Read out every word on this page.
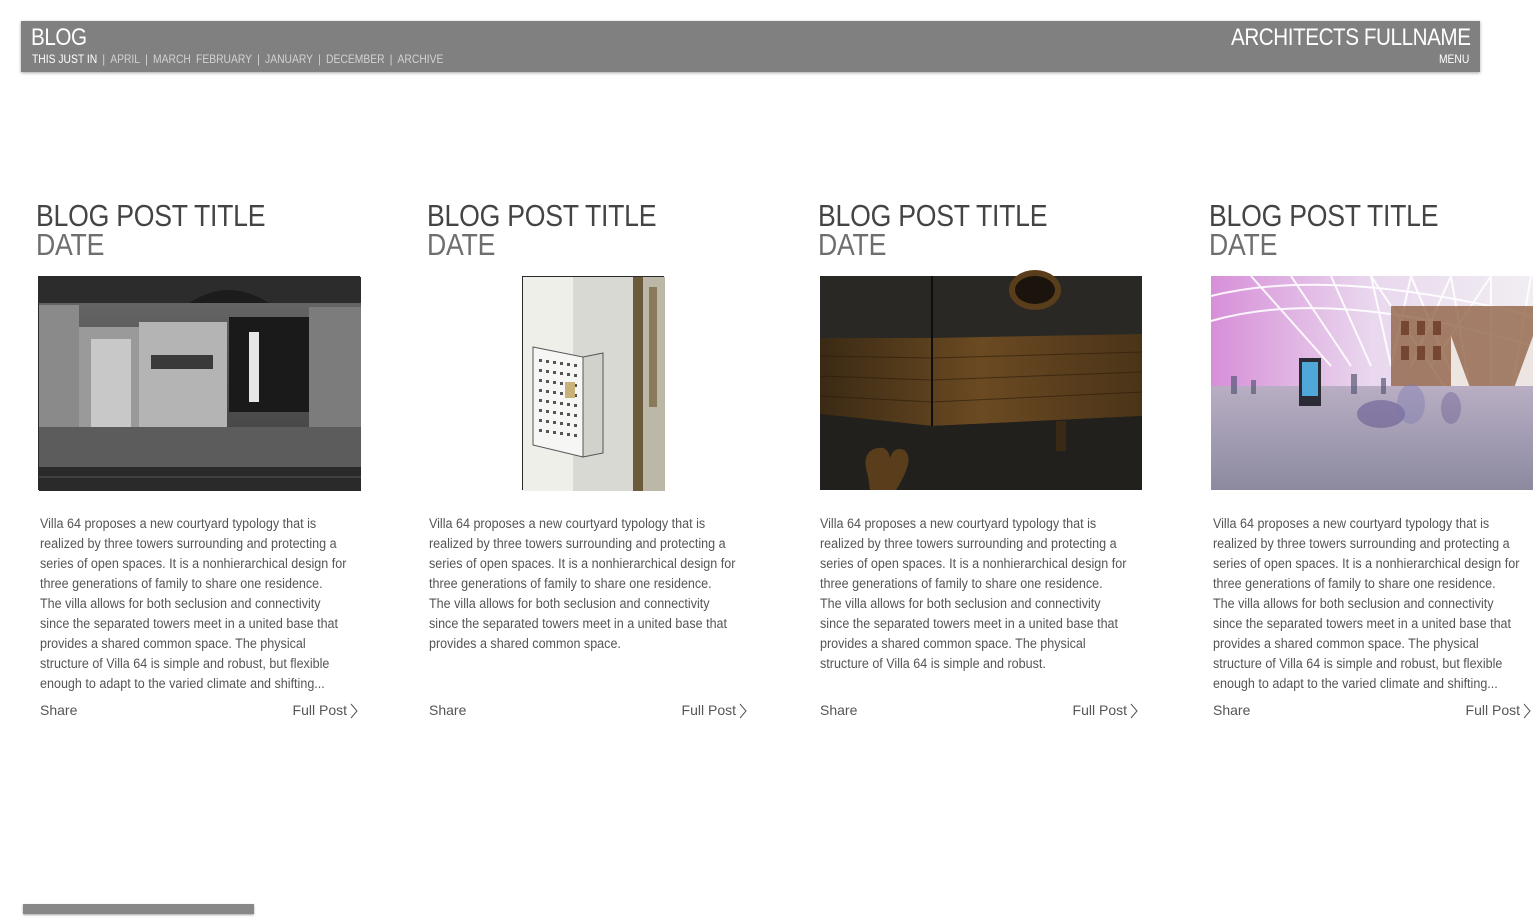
BLOG
THIS JUST IN | APRIL | MARCH FEBRUARY | JANUARY | DECEMBER | ARCHIVE
ARCHITECTS FULLNAME
MENU
BLOG POST TITLE
DATE
Villa 64 proposes a new courtyard typology that is realized by three towers surrounding and protecting a series of open spaces. It is a nonhierarchical design for three generations of family to share one residence. The villa allows for both seclusion and connectivity since the separated towers meet in a united base that provides a shared common space. The physical structure of Villa 64 is simple and robust, but flexible enough to adapt to the varied climate and shifting...
Share	Full Post
BLOG POST TITLE
DATE
Villa 64 proposes a new courtyard typology that is realized by three towers surrounding and protecting a series of open spaces. It is a nonhierarchical design for three generations of family to share one residence. The villa allows for both seclusion and connectivity since the separated towers meet in a united base that provides a shared common space.
Share	Full Post
BLOG POST TITLE
DATE
Villa 64 proposes a new courtyard typology that is realized by three towers surrounding and protecting a series of open spaces. It is a nonhierarchical design for three generations of family to share one residence. The villa allows for both seclusion and connectivity since the separated towers meet in a united base that provides a shared common space. The physical structure of Villa 64 is simple and robust.
Share	Full Post
BLOG POST TITLE
DATE
Villa 64 proposes a new courtyard typology that is realized by three towers surrounding and protecting a series of open spaces. It is a nonhierarchical design for three generations of family to share one residence. The villa allows for both seclusion and connectivity since the separated towers meet in a united base that provides a shared common space. The physical structure of Villa 64 is simple and robust, but flexible enough to adapt to the varied climate and shifting...
Share	Full Post
